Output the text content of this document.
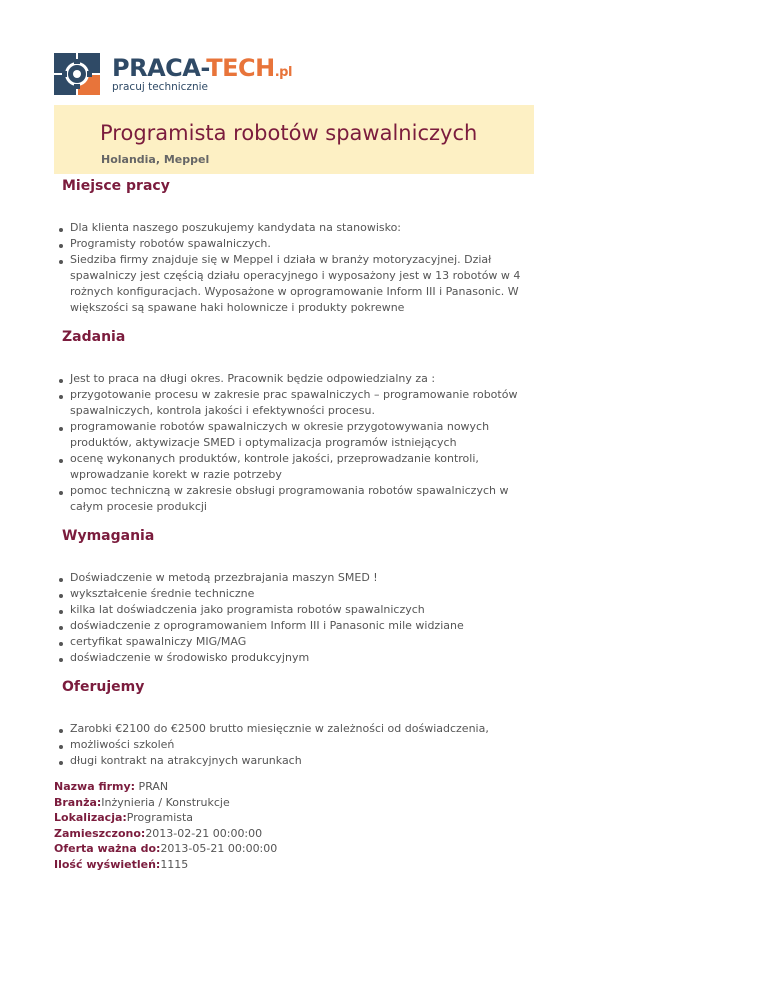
PRACA-TECH.pl
pracuj technicznie
Programista robotów spawalniczych
Holandia, Meppel
Miejsce pracy
Dla klienta naszego poszukujemy kandydata na stanowisko:
Programisty robotów spawalniczych.
Siedziba firmy znajduje się w Meppel i działa w branży motoryzacyjnej. Dział spawalniczy jest częścią działu operacyjnego i wyposażony jest w 13 robotów w 4 rożnych konfiguracjach. Wyposażone w oprogramowanie Inform III i Panasonic. W większości są spawane haki holownicze i produkty pokrewne
Zadania
Jest to praca na długi okres. Pracownik będzie odpowiedzialny za :
przygotowanie procesu w zakresie prac spawalniczych – programowanie robotów spawalniczych, kontrola jakości i efektywności procesu.
programowanie robotów spawalniczych w okresie przygotowywania nowych produktów, aktywizacje SMED i optymalizacja programów istniejących
ocenę wykonanych produktów, kontrole jakości, przeprowadzanie kontroli, wprowadzanie korekt w razie potrzeby
pomoc techniczną w zakresie obsługi programowania robotów spawalniczych w całym procesie produkcji
Wymagania
Doświadczenie w metodą przezbrajania maszyn SMED !
wykształcenie średnie techniczne
kilka lat doświadczenia jako programista robotów spawalniczych
doświadczenie z oprogramowaniem Inform III i Panasonic mile widziane
certyfikat spawalniczy MIG/MAG
doświadczenie w środowisko produkcyjnym
Oferujemy
Zarobki €2100 do €2500 brutto miesięcznie w zależności od doświadczenia,
możliwości szkoleń
długi kontrakt na atrakcyjnych warunkach
Nazwa firmy: PRAN
Branża:Inżynieria / Konstrukcje
Lokalizacja:Programista
Zamieszczono:2013-02-21 00:00:00
Oferta ważna do:2013-05-21 00:00:00
Ilość wyświetleń:1115
